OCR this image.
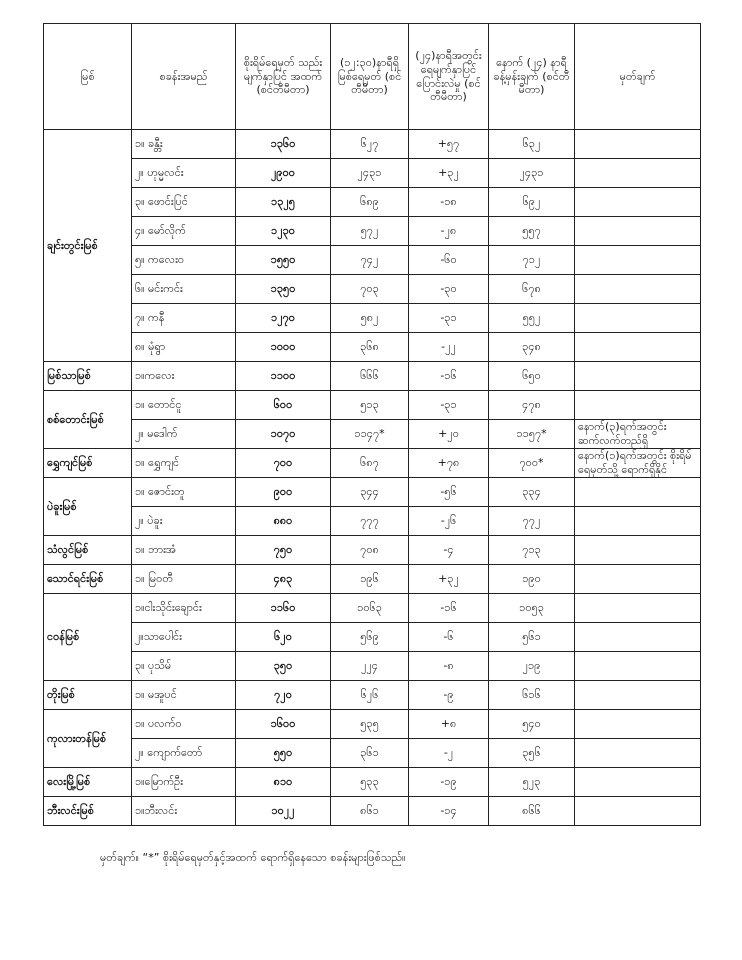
မြစ်	စခန်းအမည်	စိုးရိမ်ရေမှတ် သည်းမျက်နှာပြင် အထက် (စင်တီမီတာ)	(၁၂:၃၀)နာရီရှိ မြစ်ရေမှတ် (စင်တီမီတာ)	(၂၄)နာရီအတွင်း ရေမျက်နှာပြင် ပြောင်းလဲမှု (စင်တီမီတာ)	နောက် (၂၄) နာရီ ခန့်မှန်းချက် (စင်တီမီတာ)	မှတ်ချက်
ချင်းတွင်းမြစ်	၁။ ခန္တီး	၁၃၆၀	၆၂၇	+၅၇	၆၃၂	
	၂။ ဟုမ္မလင်း	၂၉၀၀	၂၄၃၁	+၃၂	၂၄၃၁	
	၃။ ဖောင်းပြင်	၁၃၂၅	၆၈၉	-၁၈	၆၉၂	
	၄။ မော်လိုက်	၁၂၃၀	၅၇၂	-၂၈	၅၅၇	
	၅။ ကလေးဝ	၁၅၅၀	၇၄၂	-၆၀	၇၁၂	
	၆။ မင်းကင်း	၁၃၅၀	၇၀၃	-၃၀	၆၇၈	
	၇။ ကနီ	၁၂၇၀	၅၈၂	-၃၁	၅၅၂	
	၈။ မုံရွာ	၁၀၀၀	၃၆၈	-၂၂	၃၄၈	
မြစ်သာမြစ်	၁။ကလေး	၁၁၀၀	၆၆၆	-၁၆	၆၅၀	
စစ်တောင်းမြစ်	၁။ တောင်ငူ	၆၀၀	၅၁၃	-၃၁	၄၇၈	
	၂။ မဒေါက်	၁၀၇၀	၁၁၄၇*	+၂၀	၁၁၅၇*	နောက်(၃)ရက်အတွင်း ဆက်လက်တည်ရှိ
ရွှေကျင်မြစ်	၁။ ရွှေကျင်	၇၀၀	၆၈၇	+၇၈	၇၀၀*	နောက်(၁)ရက်အတွင်း စိုးရိမ်ရေမှတ်သို့ ရောက်ရှိနိုင်
ပဲခူးမြစ်	၁။ ဇောင်းတူ	၉၀၀	၃၄၄	-၅၆	၃၃၄	
	၂။ ပဲခူး	၈၈၀	၇၇၇	-၂၆	၇၇၂	
သံလွင်မြစ်	၁။ ဘားအံ	၇၅၀	၇၀၈	-၄	၇၁၃	
သောင်ရင်းမြစ်	၁။ မြဝတီ	၄၈၃	၁၉၆	+၃၂	၁၉၀	
ငဝန်မြစ်	၁။ငါးသိုင်းချောင်း	၁၁၆၀	၁၀၆၃	-၁၆	၁၀၅၃	
	၂။သာပေါင်း	၆၂၀	၅၆၉	-၆	၅၆၁	
	၃။ ပုသိမ်	၃၅၀	၂၂၄	-၈	၂၁၉	
တိုးမြစ်	၁။ မအူပင်	၇၂၀	၆၂၆	-၉	၆၁၆	
ကုလားတန်မြစ်	၁။ ပလက်ဝ	၁၆၀၀	၅၃၅	+၈	၅၄၀	
	၂။ ကျောက်တော်	၅၅၀	၃၆၁	-၂	၃၅၆	
လေးမြို့မြစ်	၁။မြောက်ဦး	၈၁၀	၅၃၃	-၁၉	၅၂၃	
ဘီးလင်းမြစ်	၁။ဘီးလင်း	၁၀၂၂	၈၆၁	-၁၄	၈၆၆	
မှတ်ချက်။ “*” စိုးရိမ်ရေမှတ်နှင့်အထက် ရောက်ရှိနေသော စခန်းများဖြစ်သည်။
